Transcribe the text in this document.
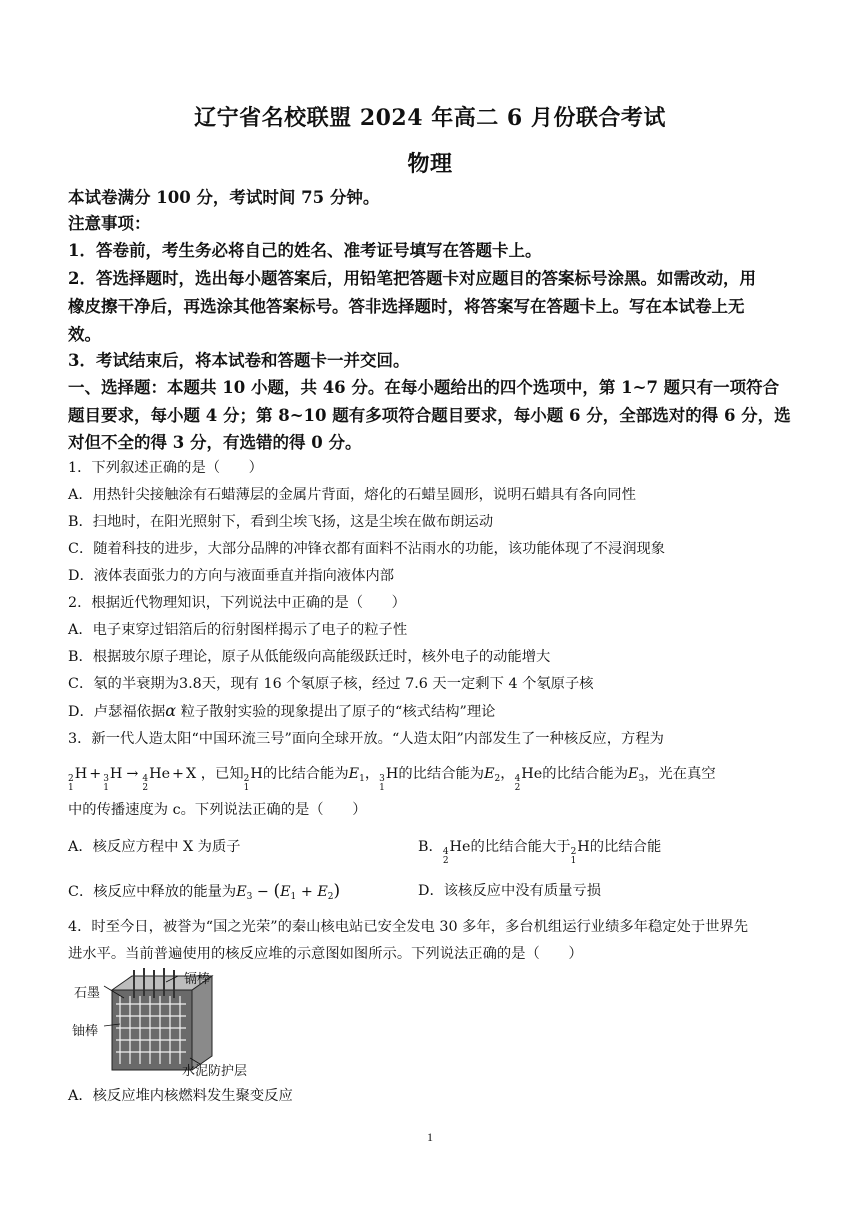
辽宁省名校联盟 2024 年高二 6 月份联合考试
物理
本试卷满分 100 分，考试时间 75 分钟。
注意事项：
1．答卷前，考生务必将自己的姓名、准考证号填写在答题卡上。
2．答选择题时，选出每小题答案后，用铅笔把答题卡对应题目的答案标号涂黑。如需改动，用
橡皮擦干净后，再选涂其他答案标号。答非选择题时，将答案写在答题卡上。写在本试卷上无
效。
3．考试结束后，将本试卷和答题卡一并交回。
一、选择题：本题共 10 小题，共 46 分。在每小题给出的四个选项中，第 1~7 题只有一项符合
题目要求，每小题 4 分；第 8~10 题有多项符合题目要求，每小题 6 分，全部选对的得 6 分，选
对但不全的得 3 分，有选错的得 0 分。
1．下列叙述正确的是（　　）
A．用热针尖接触涂有石蜡薄层的金属片背面，熔化的石蜡呈圆形，说明石蜡具有各向同性
B．扫地时，在阳光照射下，看到尘埃飞扬，这是尘埃在做布朗运动
C．随着科技的进步，大部分品牌的冲锋衣都有面料不沾雨水的功能，该功能体现了不浸润现象
D．液体表面张力的方向与液面垂直并指向液体内部
2．根据近代物理知识，下列说法中正确的是（　　）
A．电子束穿过铝箔后的衍射图样揭示了电子的粒子性
B．根据玻尔原子理论，原子从低能级向高能级跃迁时，核外电子的动能增大
C．氡的半衰期为3.8天，现有 16 个氡原子核，经过 7.6 天一定剩下 4 个氡原子核
D．卢瑟福依据α 粒子散射实验的现象提出了原子的“核式结构”理论
3．新一代人造太阳“中国环流三号”面向全球开放。“人造太阳”内部发生了一种核反应，方程为
2
1
H + 3
1
H → 4
2
He + X ，已知 2
1
H的比结合能为$E_1$， 3
1
H的比结合能为$E_2$， 4
2
He的比结合能为$E_3$，光在真空
中的传播速度为 c。下列说法正确的是（　　）
A．核反应方程中 X 为质子	B． 4
2
He的比结合能大于 2
1
H的比结合能
C．核反应中释放的能量为$E_3 - (E_1 + E_2)$	D．该核反应中没有质量亏损
4．时至今日，被誉为“国之光荣”的秦山核电站已安全发电 30 多年，多台机组运行业绩多年稳定处于世界先
进水平。当前普遍使用的核反应堆的示意图如图所示。下列说法正确的是（　　）
石墨
镉棒
铀棒
水泥防护层
A．核反应堆内核燃料发生聚变反应
1
